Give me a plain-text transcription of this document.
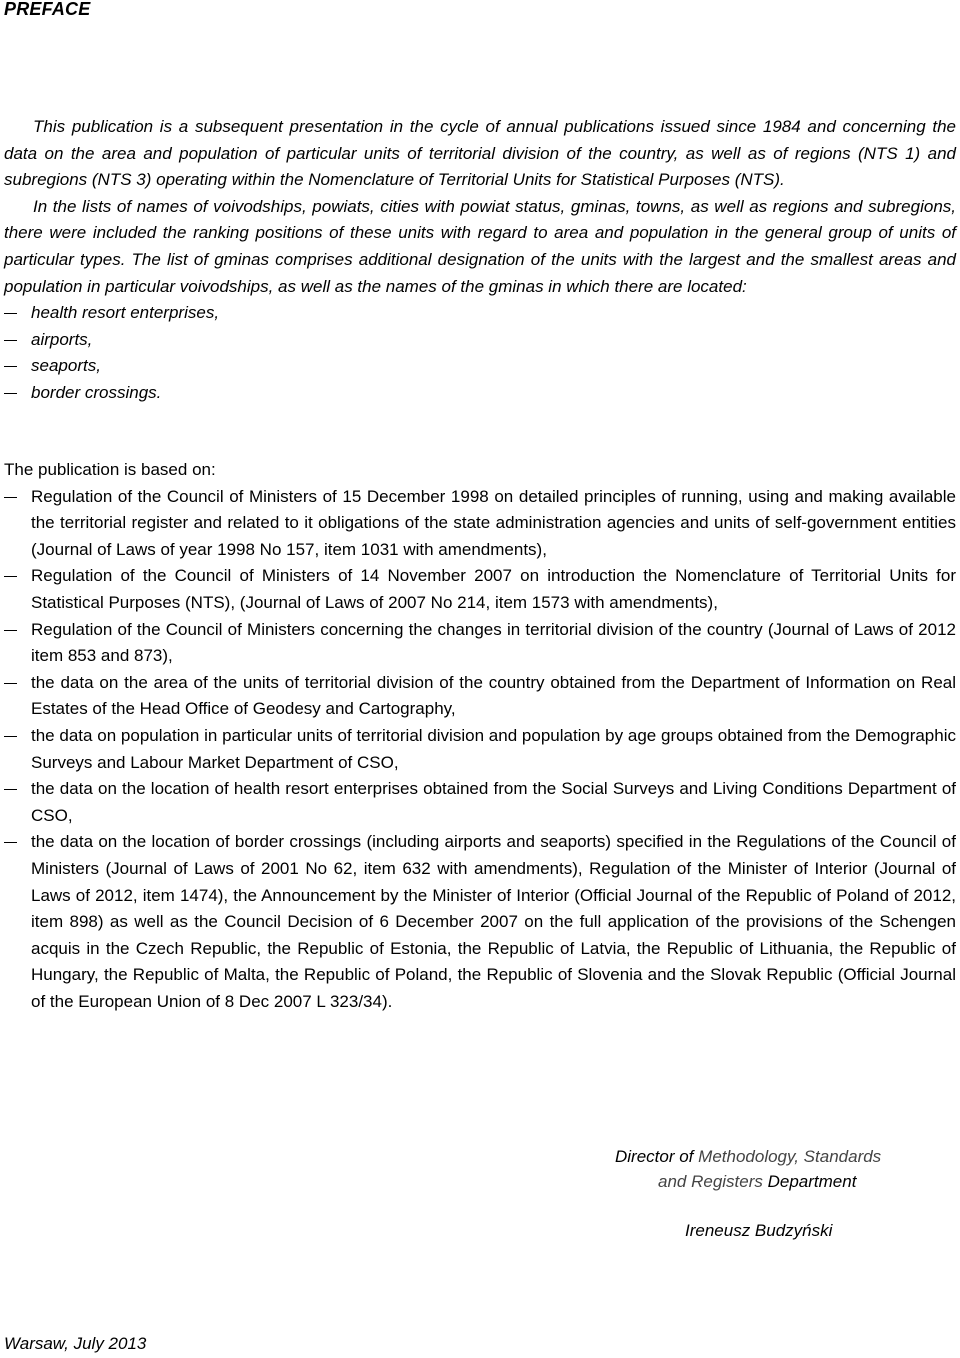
PREFACE

This publication is a subsequent presentation in the cycle of annual publications issued since 1984 and concerning the data on the area and population of particular units of territorial division of the country, as well as of regions (NTS 1) and subregions (NTS 3) operating within the Nomenclature of Territorial Units for Statistical Purposes (NTS).

In the lists of names of voivodships, powiats, cities with powiat status, gminas, towns, as well as regions and subregions, there were included the ranking positions of these units with regard to area and population in the general group of units of particular types. The list of gminas comprises additional designation of the units with the largest and the smallest areas and population in particular voivodships, as well as the names of the gminas in which there are located:

health resort enterprises,
airports,
seaports,
border crossings.
The publication is based on:
Regulation of the Council of Ministers of 15 December 1998 on detailed principles of running, using and making available the territorial register and related to it obligations of the state administration agencies and units of self-government entities (Journal of Laws of year 1998 No 157, item 1031 with amendments),
Regulation of the Council of Ministers of 14 November 2007 on introduction the Nomenclature of Territorial Units for Statistical Purposes (NTS), (Journal of Laws of 2007 No 214, item 1573 with amendments),
Regulation of the Council of Ministers concerning the changes in territorial division of the country (Journal of Laws of 2012 item 853 and 873),
the data on the area of the units of territorial division of the country obtained from the Department of Information on Real Estates of the Head Office of Geodesy and Cartography,
the data on population in particular units of territorial division and population by age groups obtained from the Demographic Surveys and Labour Market Department of CSO,
the data on the location of health resort enterprises obtained from the Social Surveys and Living Conditions Department of CSO,
the data on the location of border crossings (including airports and seaports) specified in the Regulations of the Council of Ministers (Journal of Laws of 2001 No 62, item 632 with amendments), Regulation of the Minister of Interior (Journal of Laws of 2012, item 1474), the Announcement by the Minister of Interior (Official Journal of the Republic of Poland of 2012, item 898) as well as the Council Decision of 6 December 2007 on the full application of the provisions of the Schengen acquis in the Czech Republic, the Republic of Estonia, the Republic of Latvia, the Republic of Lithuania, the Republic of Hungary, the Republic of Malta, the Republic of Poland, the Republic of Slovenia and the Slovak Republic (Official Journal of the European Union of 8 Dec 2007 L 323/34).
Director of Methodology, Standards
and Registers Department
Ireneusz Budzyński
Warsaw, July 2013
